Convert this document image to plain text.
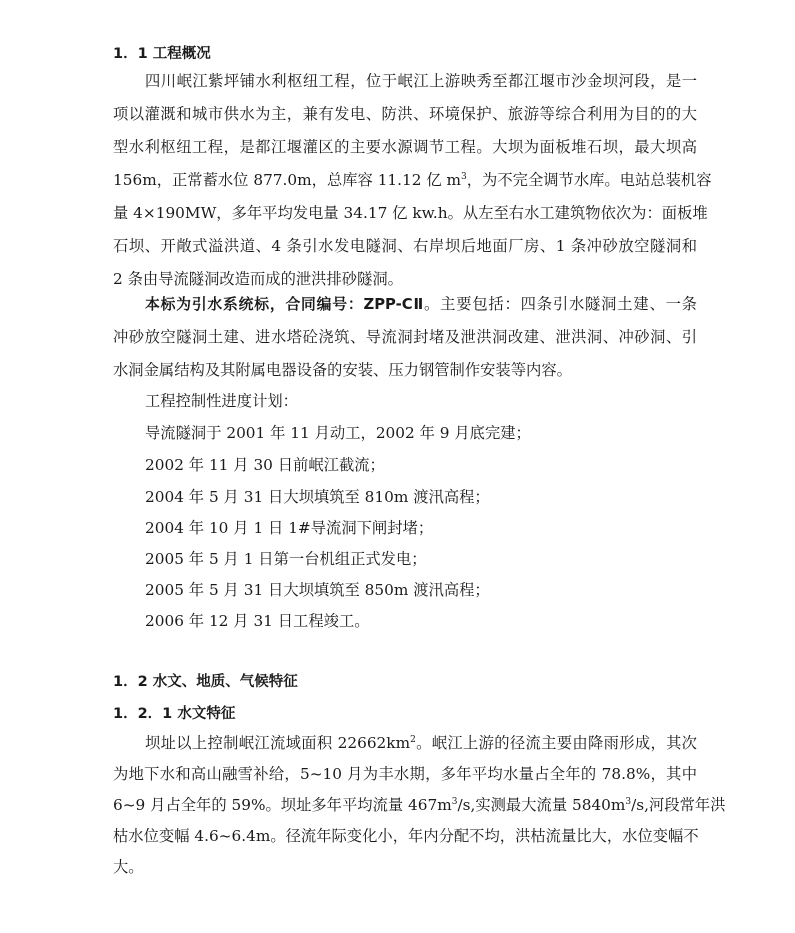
1．1 工程概况
四川岷江紫坪铺水利枢纽工程，位于岷江上游映秀至都江堰市沙金坝河段，是一
项以灌溉和城市供水为主，兼有发电、防洪、环境保护、旅游等综合利用为目的的大
型水利枢纽工程，是都江堰灌区的主要水源调节工程。大坝为面板堆石坝，最大坝高
156m，正常蓄水位 877.0m，总库容 11.12 亿 $m^3$，为不完全调节水库。电站总装机容
量 4×190MW，多年平均发电量 34.17 亿 kw.h。从左至右水工建筑物依次为：面板堆
石坝、开敞式溢洪道、4 条引水发电隧洞、右岸坝后地面厂房、1 条冲砂放空隧洞和
2 条由导流隧洞改造而成的泄洪排砂隧洞。
本标为引水系统标，合同编号：ZPP-CⅡ。主要包括：四条引水隧洞土建、一条
冲砂放空隧洞土建、进水塔砼浇筑、导流洞封堵及泄洪洞改建、泄洪洞、冲砂洞、引
水洞金属结构及其附属电器设备的安装、压力钢管制作安装等内容。
工程控制性进度计划：
导流隧洞于 2001 年 11 月动工，2002 年 9 月底完建；
2002 年 11 月 30 日前岷江截流；
2004 年 5 月 31 日大坝填筑至 810m 渡汛高程；
2004 年 10 月 1 日 1#导流洞下闸封堵；
2005 年 5 月 1 日第一台机组正式发电；
2005 年 5 月 31 日大坝填筑至 850m 渡汛高程；
2006 年 12 月 31 日工程竣工。
1．2 水文、地质、气候特征
1．2．1 水文特征
坝址以上控制岷江流域面积 $22662km^2$。岷江上游的径流主要由降雨形成，其次
为地下水和高山融雪补给，5~10 月为丰水期，多年平均水量占全年的 78.8%，其中
6~9 月占全年的 59%。坝址多年平均流量 $467m^3/s$,实测最大流量 $5840m^3/s$,河段常年洪
枯水位变幅 4.6~6.4m。径流年际变化小，年内分配不均，洪枯流量比大，水位变幅不
大。
